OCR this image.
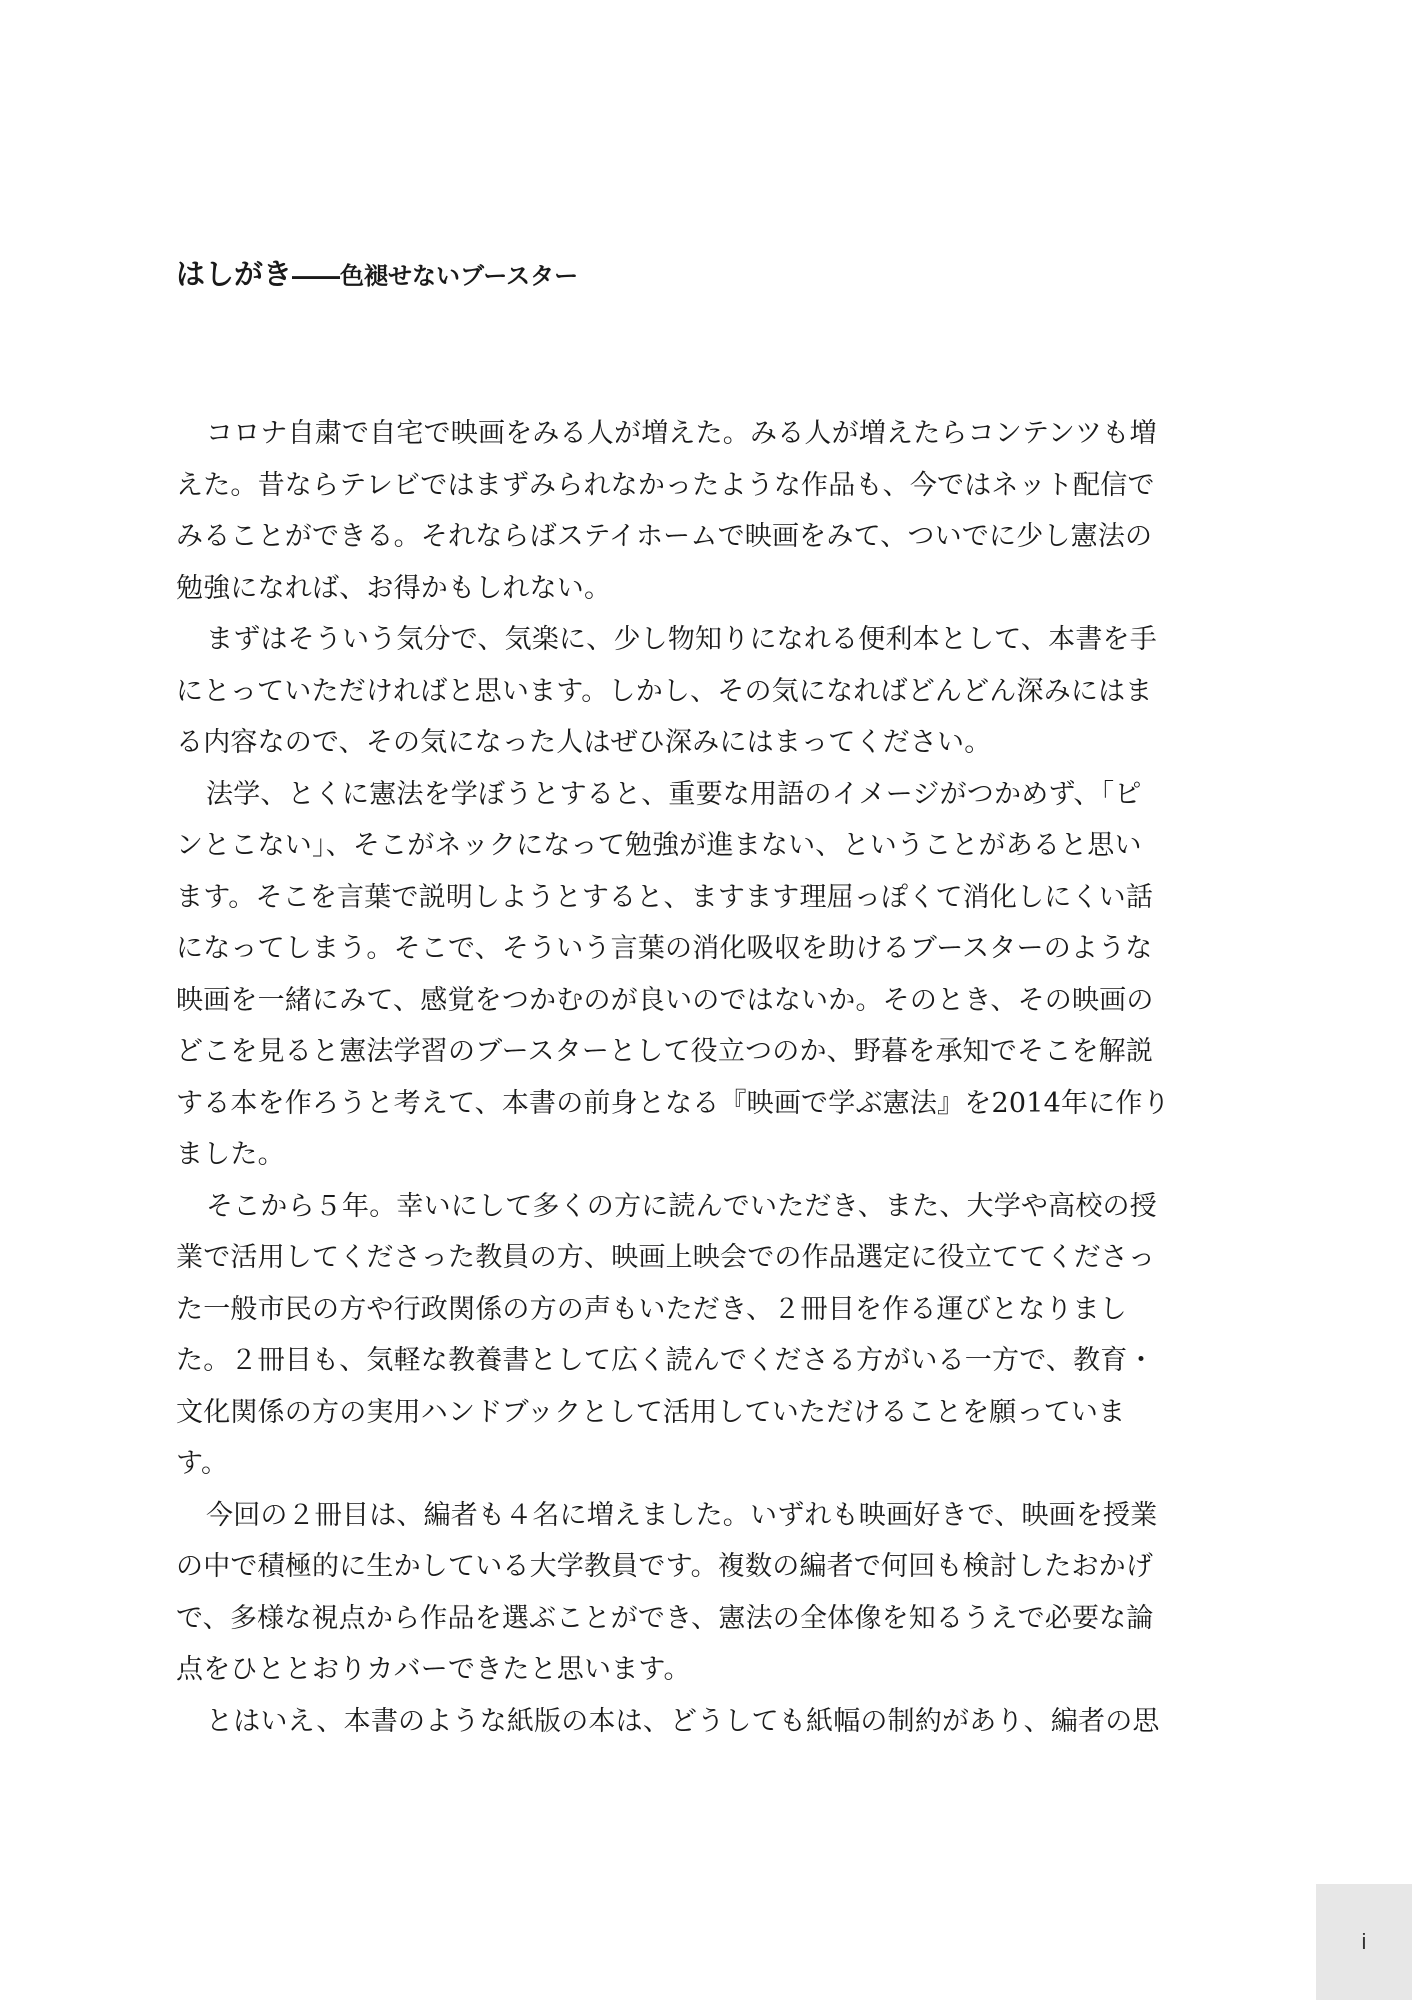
はしがき――色褪せないブースター
コロナ自粛で自宅で映画をみる人が増えた。みる人が増えたらコンテンツも増
えた。昔ならテレビではまずみられなかったような作品も、今ではネット配信で
みることができる。それならばステイホームで映画をみて、ついでに少し憲法の
勉強になれば、お得かもしれない。
まずはそういう気分で、気楽に、少し物知りになれる便利本として、本書を手
にとっていただければと思います。しかし、その気になればどんどん深みにはま
る内容なので、その気になった人はぜひ深みにはまってください。
法学、とくに憲法を学ぼうとすると、重要な用語のイメージがつかめず、「ピ
ンとこない」、そこがネックになって勉強が進まない、ということがあると思い
ます。そこを言葉で説明しようとすると、ますます理屈っぽくて消化しにくい話
になってしまう。そこで、そういう言葉の消化吸収を助けるブースターのような
映画を一緒にみて、感覚をつかむのが良いのではないか。そのとき、その映画の
どこを見ると憲法学習のブースターとして役立つのか、野暮を承知でそこを解説
する本を作ろうと考えて、本書の前身となる『映画で学ぶ憲法』を2014年に作り
ました。
そこから５年。幸いにして多くの方に読んでいただき、また、大学や高校の授
業で活用してくださった教員の方、映画上映会での作品選定に役立ててくださっ
た一般市民の方や行政関係の方の声もいただき、２冊目を作る運びとなりまし
た。２冊目も、気軽な教養書として広く読んでくださる方がいる一方で、教育・
文化関係の方の実用ハンドブックとして活用していただけることを願っていま
す。
今回の２冊目は、編者も４名に増えました。いずれも映画好きで、映画を授業
の中で積極的に生かしている大学教員です。複数の編者で何回も検討したおかげ
で、多様な視点から作品を選ぶことができ、憲法の全体像を知るうえで必要な論
点をひととおりカバーできたと思います。
とはいえ、本書のような紙版の本は、どうしても紙幅の制約があり、編者の思
i
